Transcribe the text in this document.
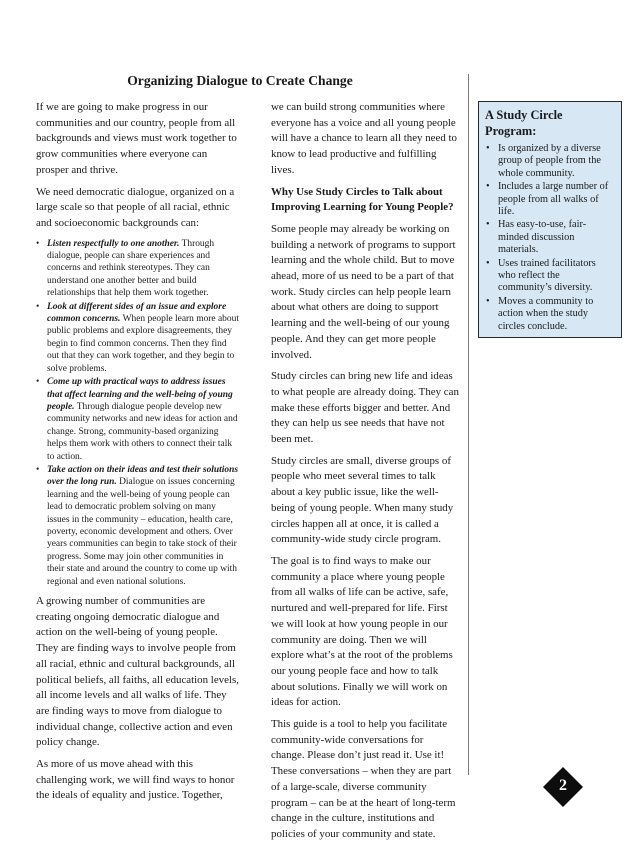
Organizing Dialogue to Create Change

If we are going to make progress in our communities and our country, people from all backgrounds and views must work together to grow communities where everyone can prosper and thrive.

We need democratic dialogue, organized on a large scale so that people of all racial, ethnic and socioeconomic backgrounds can:

• Listen respectfully to one another. Through dialogue, people can share experiences and concerns and rethink stereotypes. They can understand one another better and build relationships that help them work together.
• Look at different sides of an issue and explore common concerns. When people learn more about public problems and explore disagreements, they begin to find common concerns. Then they find out that they can work together, and they begin to solve problems.
• Come up with practical ways to address issues that affect learning and the well-being of young people. Through dialogue people develop new community networks and new ideas for action and change. Strong, community-based organizing helps them work with others to connect their talk to action.
• Take action on their ideas and test their solutions over the long run. Dialogue on issues concerning learning and the well-being of young people can lead to democratic problem solving on many issues in the community – education, health care, poverty, economic development and others. Over years communities can begin to take stock of their progress. Some may join other communities in their state and around the country to come up with regional and even national solutions.

A growing number of communities are creating ongoing democratic dialogue and action on the well-being of young people. They are finding ways to involve people from all racial, ethnic and cultural backgrounds, all political beliefs, all faiths, all education levels, all income levels and all walks of life. They are finding ways to move from dialogue to individual change, collective action and even policy change.

As more of us move ahead with this challenging work, we will find ways to honor the ideals of equality and justice. Together,

we can build strong communities where everyone has a voice and all young people will have a chance to learn all they need to know to lead productive and fulfilling lives.

Why Use Study Circles to Talk about Improving Learning for Young People?

Some people may already be working on building a network of programs to support learning and the whole child. But to move ahead, more of us need to be a part of that work. Study circles can help people learn about what others are doing to support learning and the well-being of our young people. And they can get more people involved.

Study circles can bring new life and ideas to what people are already doing. They can make these efforts bigger and better. And they can help us see needs that have not been met.

Study circles are small, diverse groups of people who meet several times to talk about a key public issue, like the well-being of young people. When many study circles happen all at once, it is called a community-wide study circle program.

The goal is to find ways to make our community a place where young people from all walks of life can be active, safe, nurtured and well-prepared for life. First we will look at how young people in our community are doing. Then we will explore what’s at the root of the problems our young people face and how to talk about solutions. Finally we will work on ideas for action.

This guide is a tool to help you facilitate community-wide conversations for change. Please don’t just read it. Use it! These conversations – when they are part of a large-scale, diverse community program – can be at the heart of long-term change in the culture, institutions and policies of your community and state.

A Study Circle Program:
• Is organized by a diverse group of people from the whole community.
• Includes a large number of people from all walks of life.
• Has easy-to-use, fair-minded discussion materials.
• Uses trained facilitators who reflect the community’s diversity.
• Moves a community to action when the study circles conclude.
2
